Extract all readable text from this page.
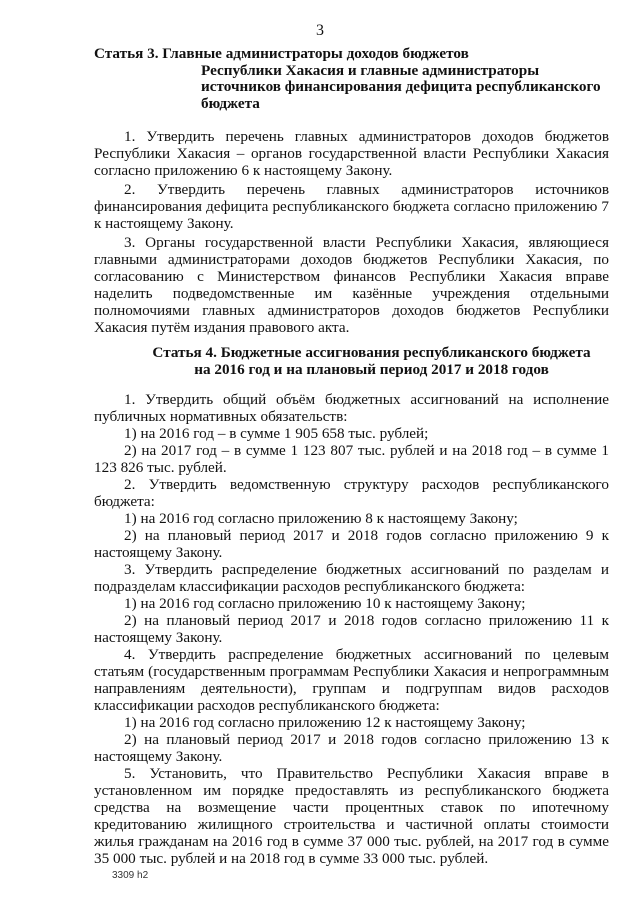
3
Статья 3. Главные администраторы доходов бюджетов
Республики Хакасия и главные администраторы источников финансирования дефицита республиканского бюджета

1. Утвердить перечень главных администраторов доходов бюджетов Республики Хакасия – органов государственной власти Республики Хакасия согласно приложению 6 к настоящему Закону.

2. Утвердить перечень главных администраторов источников финансирования дефицита республиканского бюджета согласно приложению 7 к настоящему Закону.

3. Органы государственной власти Республики Хакасия, являющиеся главными администраторами доходов бюджетов Республики Хакасия, по согласованию с Министерством финансов Республики Хакасия вправе наделить подведомственные им казённые учреждения отдельными полномочиями главных администраторов доходов бюджетов Республики Хакасия путём издания правового акта.

Статья 4. Бюджетные ассигнования республиканского бюджета
на 2016 год и на плановый период 2017 и 2018 годов

1. Утвердить общий объём бюджетных ассигнований на исполнение публичных нормативных обязательств:

1) на 2016 год – в сумме 1 905 658 тыс. рублей;

2) на 2017 год – в сумме 1 123 807 тыс. рублей и на 2018 год – в сумме 1 123 826 тыс. рублей.

2. Утвердить ведомственную структуру расходов республиканского бюджета:

1) на 2016 год согласно приложению 8 к настоящему Закону;

2) на плановый период 2017 и 2018 годов согласно приложению 9 к настоящему Закону.

3. Утвердить распределение бюджетных ассигнований по разделам и подразделам классификации расходов республиканского бюджета:

1) на 2016 год согласно приложению 10 к настоящему Закону;

2) на плановый период 2017 и 2018 годов согласно приложению 11 к настоящему Закону.

4. Утвердить распределение бюджетных ассигнований по целевым статьям (государственным программам Республики Хакасия и непрограммным направлениям деятельности), группам и подгруппам видов расходов классификации расходов республиканского бюджета:

1) на 2016 год согласно приложению 12 к настоящему Закону;

2) на плановый период 2017 и 2018 годов согласно приложению 13 к настоящему Закону.

5. Установить, что Правительство Республики Хакасия вправе в установленном им порядке предоставлять из республиканского бюджета средства на возмещение части процентных ставок по ипотечному кредитованию жилищного строительства и частичной оплаты стоимости жилья гражданам на 2016 год в сумме 37 000 тыс. рублей, на 2017 год в сумме 35 000 тыс. рублей и на 2018 год в сумме 33 000 тыс. рублей.

3309 h2
